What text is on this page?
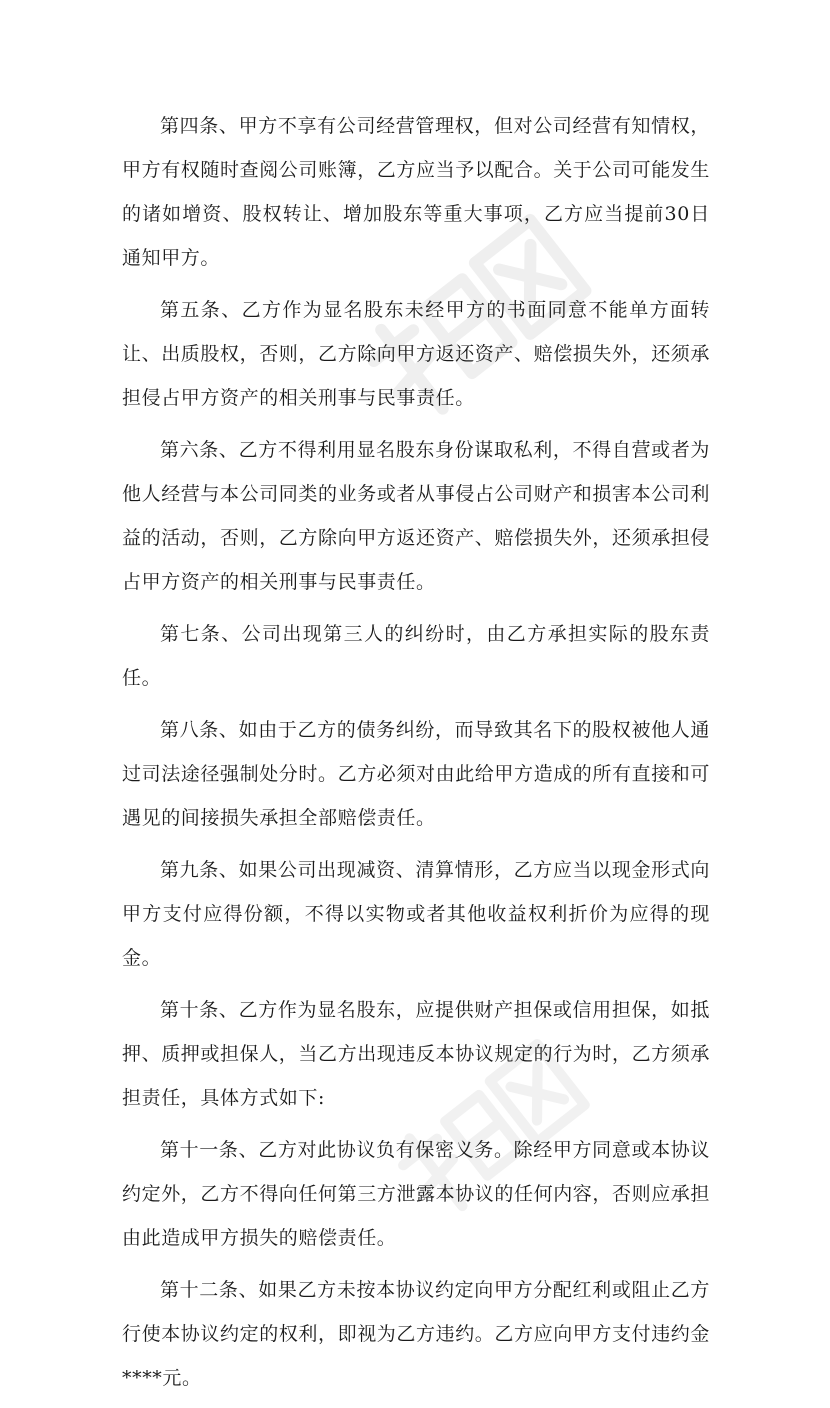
第四条、甲方不享有公司经营管理权，但对公司经营有知情权，甲方有权随时查阅公司账簿，乙方应当予以配合。关于公司可能发生的诸如增资、股权转让、增加股东等重大事项，乙方应当提前30日通知甲方。

第五条、乙方作为显名股东未经甲方的书面同意不能单方面转让、出质股权，否则，乙方除向甲方返还资产、赔偿损失外，还须承担侵占甲方资产的相关刑事与民事责任。

第六条、乙方不得利用显名股东身份谋取私利，不得自营或者为他人经营与本公司同类的业务或者从事侵占公司财产和损害本公司利益的活动，否则，乙方除向甲方返还资产、赔偿损失外，还须承担侵占甲方资产的相关刑事与民事责任。

第七条、公司出现第三人的纠纷时，由乙方承担实际的股东责任。

第八条、如由于乙方的债务纠纷，而导致其名下的股权被他人通过司法途径强制处分时。乙方必须对由此给甲方造成的所有直接和可遇见的间接损失承担全部赔偿责任。

第九条、如果公司出现减资、清算情形，乙方应当以现金形式向甲方支付应得份额，不得以实物或者其他收益权利折价为应得的现金。

第十条、乙方作为显名股东，应提供财产担保或信用担保，如抵押、质押或担保人，当乙方出现违反本协议规定的行为时，乙方须承担责任，具体方式如下:

第十一条、乙方对此协议负有保密义务。除经甲方同意或本协议约定外，乙方不得向任何第三方泄露本协议的任何内容，否则应承担由此造成甲方损失的赔偿责任。

第十二条、如果乙方未按本协议约定向甲方分配红利或阻止乙方行使本协议约定的权利，即视为乙方违约。乙方应向甲方支付违约金****元。
